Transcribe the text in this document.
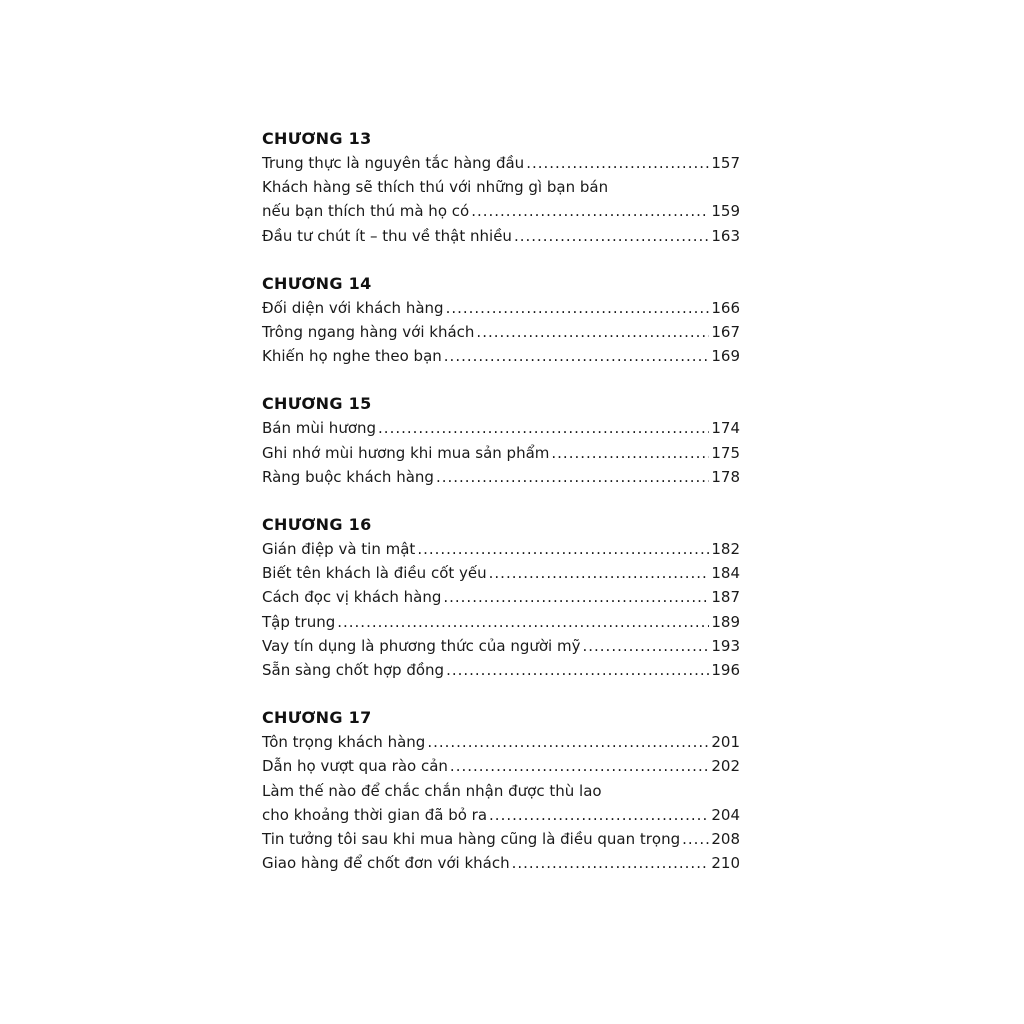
CHƯƠNG 13
Trung thực là nguyên tắc hàng đầu .....	157
Khách hàng sẽ thích thú với những gì bạn bán
nếu bạn thích thú mà họ có .....	159
Đầu tư chút ít – thu về thật nhiều .....	163
CHƯƠNG 14
Đối diện với khách hàng .....	166
Trông ngang hàng với khách .....	167
Khiến họ nghe theo bạn .....	169
CHƯƠNG 15
Bán mùi hương .....	174
Ghi nhớ mùi hương khi mua sản phẩm .....	175
Ràng buộc khách hàng .....	178
CHƯƠNG 16
Gián điệp và tin mật .....	182
Biết tên khách là điều cốt yếu .....	184
Cách đọc vị khách hàng .....	187
Tập trung .....	189
Vay tín dụng là phương thức của người mỹ .....	193
Sẵn sàng chốt hợp đồng .....	196
CHƯƠNG 17
Tôn trọng khách hàng .....	201
Dẫn họ vượt qua rào cản .....	202
Làm thế nào để chắc chắn nhận được thù lao
cho khoảng thời gian đã bỏ ra .....	204
Tin tưởng tôi sau khi mua hàng cũng là điều quan trọng ..... 208
Giao hàng để chốt đơn với khách .....	210
